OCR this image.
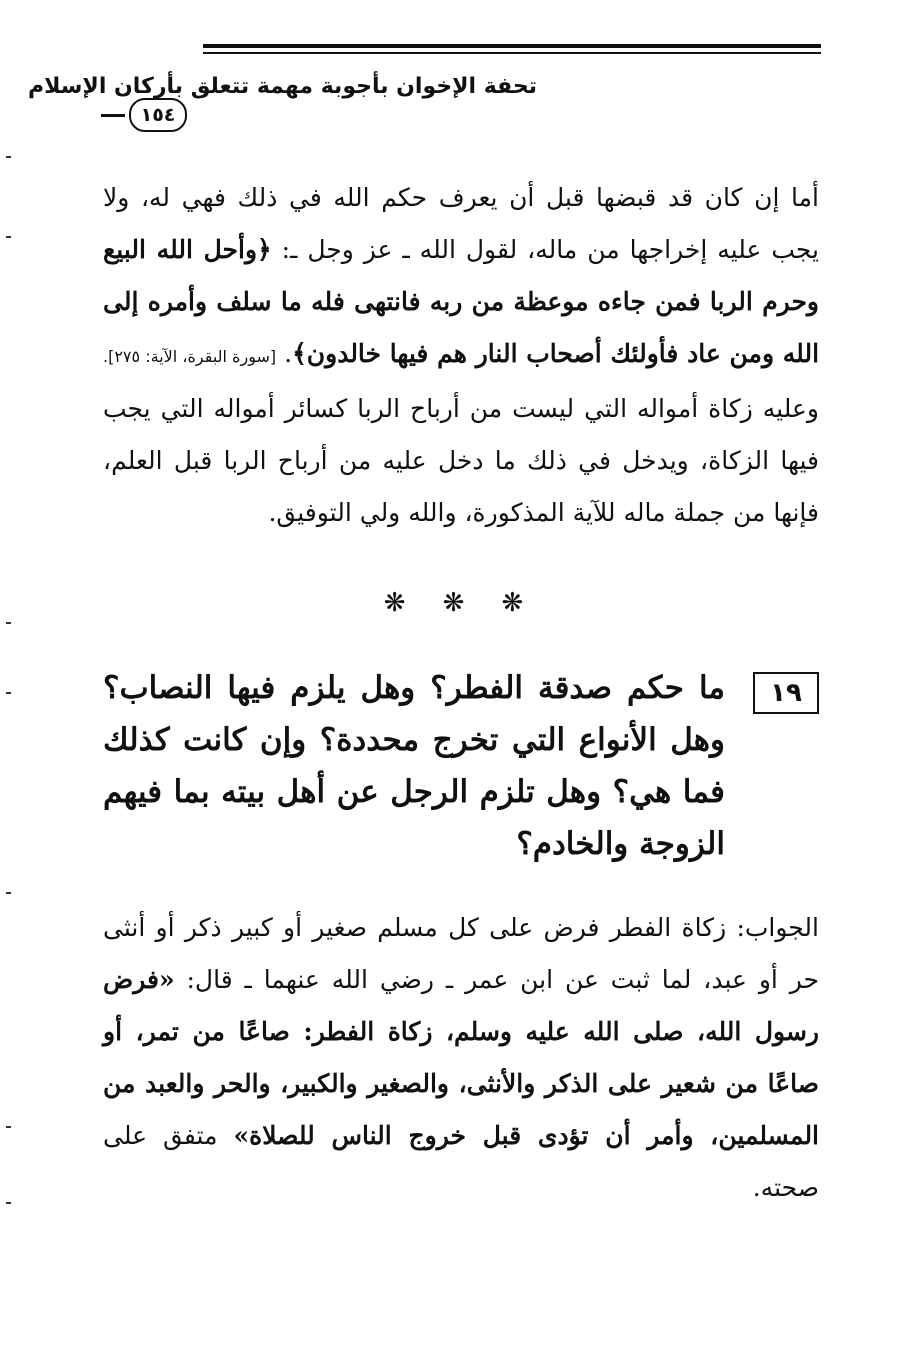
تحفة الإخوان بأجوبة مهمة تتعلق بأركان الإسلام
١٥٤
أما إن كان قد قبضها قبل أن يعرف حكم الله في ذلك فهي له، ولا يجب عليه إخراجها من ماله، لقول الله ـ عز وجل ـ: ﴿وأحل الله البيع وحرم الربا فمن جاءه موعظة من ربه فانتهى فله ما سلف وأمره إلى الله ومن عاد فأولئك أصحاب النار هم فيها خالدون﴾. [سورة البقرة، الآية: ٢٧٥]. وعليه زكاة أمواله التي ليست من أرباح الربا كسائر أمواله التي يجب فيها الزكاة، ويدخل في ذلك ما دخل عليه من أرباح الربا قبل العلم، فإنها من جملة ماله للآية المذكورة، والله ولي التوفيق.
❋ ❋ ❋
١٩
ما حكم صدقة الفطر؟ وهل يلزم فيها النصاب؟ وهل الأنواع التي تخرج محددة؟ وإن كانت كذلك فما هي؟ وهل تلزم الرجل عن أهل بيته بما فيهم الزوجة والخادم؟
الجواب: زكاة الفطر فرض على كل مسلم صغير أو كبير ذكر أو أنثى حر أو عبد، لما ثبت عن ابن عمر ـ رضي الله عنهما ـ قال: «فرض رسول الله، صلى الله عليه وسلم، زكاة الفطر: صاعًا من تمر، أو صاعًا من شعير على الذكر والأنثى، والصغير والكبير، والحر والعبد من المسلمين، وأمر أن تؤدى قبل خروج الناس للصلاة» متفق على صحته.
